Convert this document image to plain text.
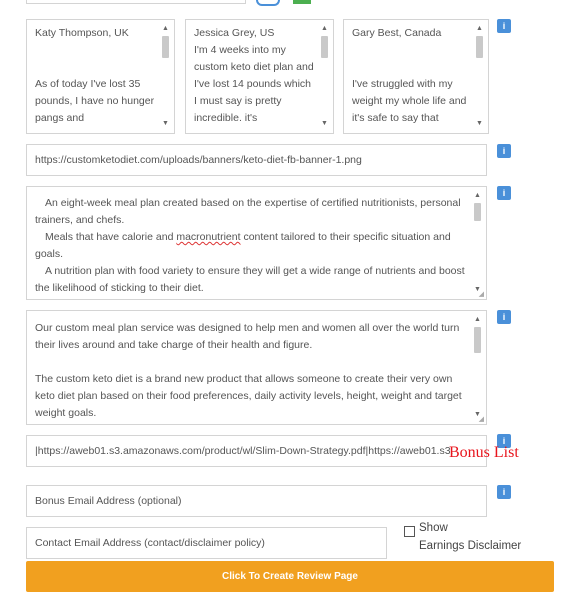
Katy Thompson, UK

As of today I've lost 35 pounds, I have no hunger pangs and

▲
▼

Jessica Grey, US

I'm 4 weeks into my custom keto diet plan and I've lost 14 pounds which I must say is pretty incredible. it's

▲
▼

Gary Best, Canada

I've struggled with my weight my whole life and it's safe to say that

▲
▼
i
https://customketodiet.com/uploads/banners/keto-diet-fb-banner-1.png
i

An eight-week meal plan created based on the expertise of certified nutritionists, personal trainers, and chefs.

Meals that have calorie and macronutrient content tailored to their specific situation and goals.

A nutrition plan with food variety to ensure they will get a wide range of nutrients and boost the likelihood of sticking to their diet.

▲
▼
◢
i

Our custom meal plan service was designed to help men and women all over the world turn their lives around and take charge of their health and figure.

The custom keto diet is a brand new product that allows someone to create their very own keto diet plan based on their food preferences, daily activity levels, height, weight and target weight goals.

▲
▼
◢
i
|https://aweb01.s3.amazonaws.com/product/wl/Slim-Down-Strategy.pdf|https://aweb01.s3.
i
Bonus List
Bonus Email Address (optional)
i
Contact Email Address (contact/disclaimer policy)
Show
Earnings Disclaimer
Click To Create Review Page
